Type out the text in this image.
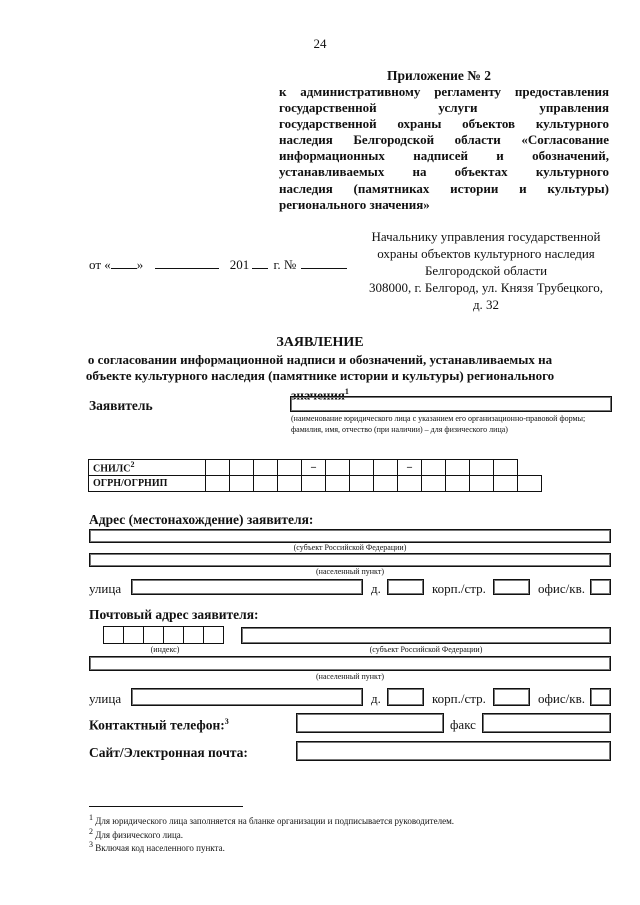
24
Приложение № 2
к административному регламенту предоставления
государственной услуги управления
государственной охраны объектов культурного
наследия Белгородской области «Согласование
информационных надписей и обозначений,
устанавливаемых на объектах культурного
наследия (памятниках истории и культуры)
регионального значения»
Начальнику управления государственной
охраны объектов культурного наследия
Белгородской области
308000, г. Белгород, ул. Князя Трубецкого,
д. 32
от « »	201 г. №
ЗАЯВЛЕНИЕ
о согласовании информационной надписи и обозначений, устанавливаемых на объекте культурного наследия (памятнике истории и культуры) регионального значения$^1$
Заявитель
(наименование юридического лица с указанием его организационно-правовой формы; фамилия, имя, отчество (при наличии) – для физического лица)
СНИЛС$^2$					–				–					
ОГРН/ОГРНИП														
Адрес (местонахождение) заявителя:
(субъект Российской Федерации)
(населенный пункт)
улица	д.	корп./стр.	офис/кв.
Почтовый адрес заявителя:
(индекс)	(субъект Российской Федерации)
(населенный пункт)
улица	д.	корп./стр.	офис/кв.
Контактный телефон:$^3$	факс
Сайт/Электронная почта:
$^1$ Для юридического лица заполняется на бланке организации и подписывается руководителем.
$^2$ Для физического лица.
$^3$ Включая код населенного пункта.
